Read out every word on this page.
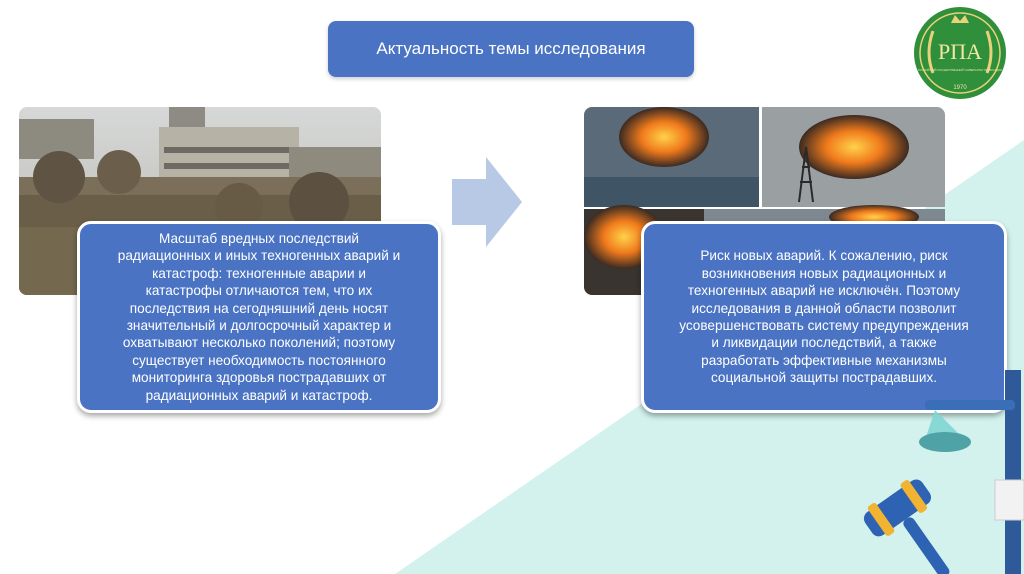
Актуальность темы исследования	РПА
РОССИЙСКИЙ ГОСУДАРСТВЕННЫЙ УНИВЕРСИТЕТ ПРАВОСУДИЯ
1970
Масштаб вредных последствий
радиационных и иных техногенных аварий и
катастроф: техногенные аварии и
катастрофы отличаются тем, что их
последствия на сегодняшний день носят
значительный и долгосрочный характер и
охватывают несколько поколений; поэтому
существует необходимость постоянного
мониторинга здоровья пострадавших от
радиационных аварий и катастроф.
Риск новых аварий. К сожалению, риск
возникновения новых радиационных и
техногенных аварий не исключён. Поэтому
исследования в данной области позволит
усовершенствовать систему предупреждения
и ликвидации последствий, а также
разработать эффективные механизмы
социальной защиты пострадавших.
